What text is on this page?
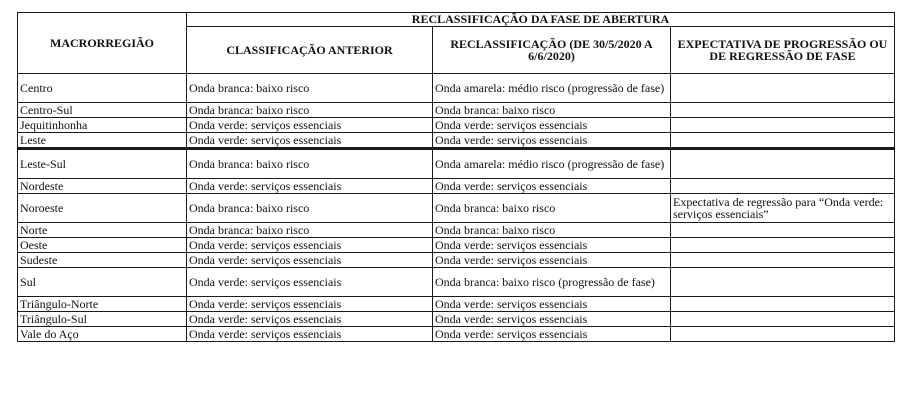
MACRORREGIÃO	RECLASSIFICAÇÃO DA FASE DE ABERTURA		
	CLASSIFICAÇÃO ANTERIOR	RECLASSIFICAÇÃO (DE 30/5/2020 A 6/6/2020)	EXPECTATIVA DE PROGRESSÃO OU DE REGRESSÃO DE FASE
Centro	Onda branca: baixo risco	Onda amarela: médio risco (progressão de fase)	
Centro-Sul	Onda branca: baixo risco	Onda branca: baixo risco	
Jequitinhonha	Onda verde: serviços essenciais	Onda verde: serviços essenciais	
Leste	Onda verde: serviços essenciais	Onda verde: serviços essenciais	
Leste-Sul	Onda branca: baixo risco	Onda amarela: médio risco (progressão de fase)	
Nordeste	Onda verde: serviços essenciais	Onda verde: serviços essenciais	
Noroeste	Onda branca: baixo risco	Onda branca: baixo risco	Expectativa de regressão para “Onda verde: serviços essenciais”
Norte	Onda branca: baixo risco	Onda branca: baixo risco	
Oeste	Onda verde: serviços essenciais	Onda verde: serviços essenciais	
Sudeste	Onda verde: serviços essenciais	Onda verde: serviços essenciais	
Sul	Onda verde: serviços essenciais	Onda branca: baixo risco (progressão de fase)	
Triângulo-Norte	Onda verde: serviços essenciais	Onda verde: serviços essenciais	
Triângulo-Sul	Onda verde: serviços essenciais	Onda verde: serviços essenciais	
Vale do Aço	Onda verde: serviços essenciais	Onda verde: serviços essenciais	
